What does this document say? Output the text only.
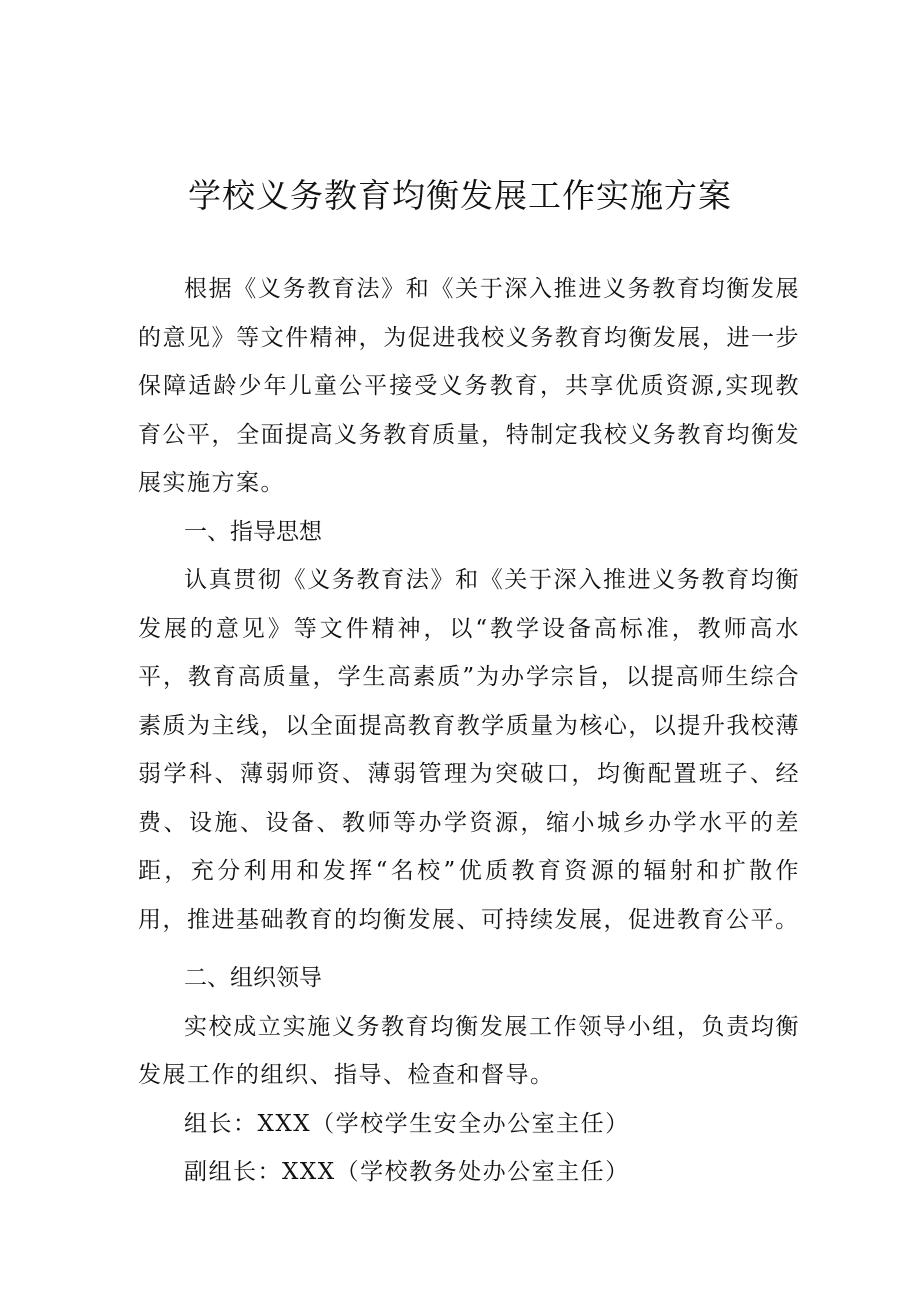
学校义务教育均衡发展工作实施方案

根据《义务教育法》和《关于深入推进义务教育均衡发展的意见》等文件精神，为促进我校义务教育均衡发展，进一步保障适龄少年儿童公平接受义务教育，共享优质资源,实现教育公平，全面提高义务教育质量，特制定我校义务教育均衡发展实施方案。

一、指导思想

认真贯彻《义务教育法》和《关于深入推进义务教育均衡发展的意见》等文件精神，以“教学设备高标准，教师高水平，教育高质量，学生高素质”为办学宗旨，以提高师生综合素质为主线，以全面提高教育教学质量为核心，以提升我校薄弱学科、薄弱师资、薄弱管理为突破口，均衡配置班子、经费、设施、设备、教师等办学资源，缩小城乡办学水平的差距，充分利用和发挥“名校”优质教育资源的辐射和扩散作用，推进基础教育的均衡发展、可持续发展，促进教育公平。

二、组织领导

实校成立实施义务教育均衡发展工作领导小组，负责均衡发展工作的组织、指导、检查和督导。

组长：XXX（学校学生安全办公室主任）

副组长：XXX（学校教务处办公室主任）
